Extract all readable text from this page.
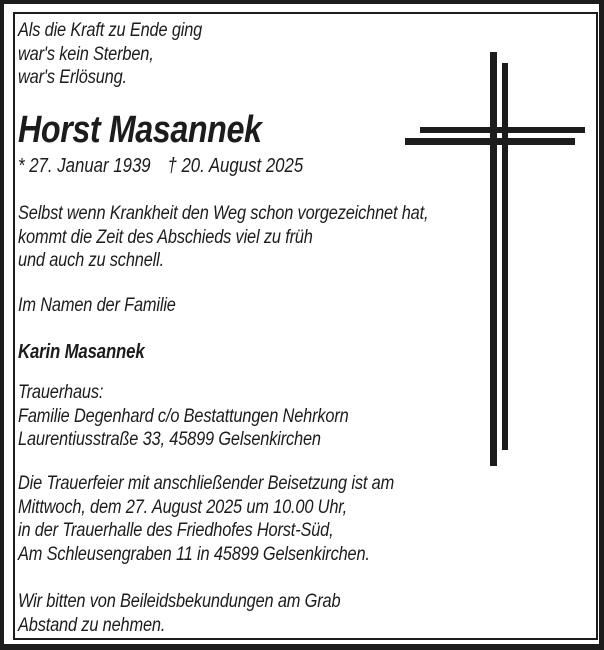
Als die Kraft zu Ende ging
war's kein Sterben,
war's Erlösung.
Horst Masannek
* 27. Januar 1939 † 20. August 2025
Selbst wenn Krankheit den Weg schon vorgezeichnet hat,
kommt die Zeit des Abschieds viel zu früh
und auch zu schnell.
Im Namen der Familie
Karin Masannek
Trauerhaus:
Familie Degenhard c/o Bestattungen Nehrkorn
Laurentiusstraße 33, 45899 Gelsenkirchen
Die Trauerfeier mit anschließender Beisetzung ist am
Mittwoch, dem 27. August 2025 um 10.00 Uhr,
in der Trauerhalle des Friedhofes Horst-Süd,
Am Schleusengraben 11 in 45899 Gelsenkirchen.
Wir bitten von Beileidsbekundungen am Grab
Abstand zu nehmen.
